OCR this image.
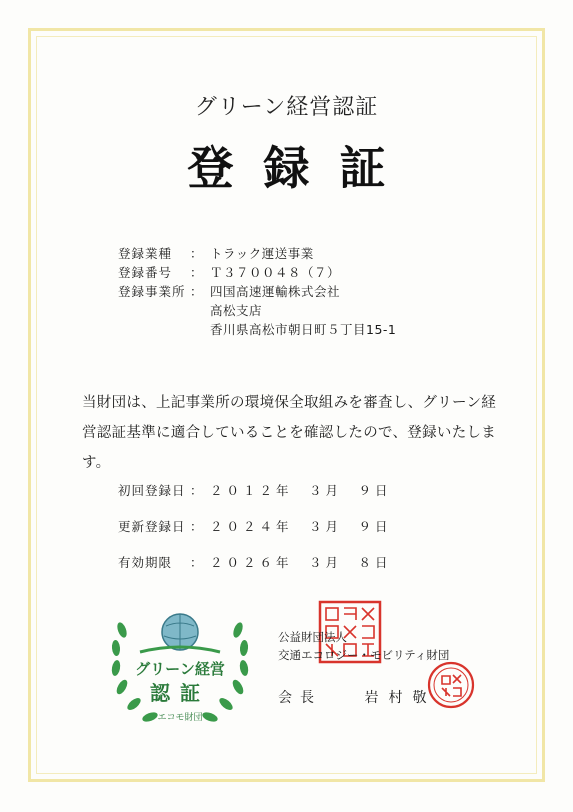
グリーン経営認証
登録証
登録業種	： トラック運送事業
登録番号	： Ｔ３７００４８（７）
登録事業所 ： 四国高速運輸株式会社
高松支店
香川県高松市朝日町５丁目15-1
当財団は、上記事業所の環境保全取組みを審査し、グリーン経営認証基準に適合していることを確認したので、登録いたします。
初回登録日 ： ２０１２年　３月　９日
更新登録日 ： ２０２４年　３月　９日
有効期限	： ２０２６年　３月　８日
グリーン経営
認証
エコモ財団
公益財団法人
交通エコロジー・モビリティ財団
会長	岩村敬
